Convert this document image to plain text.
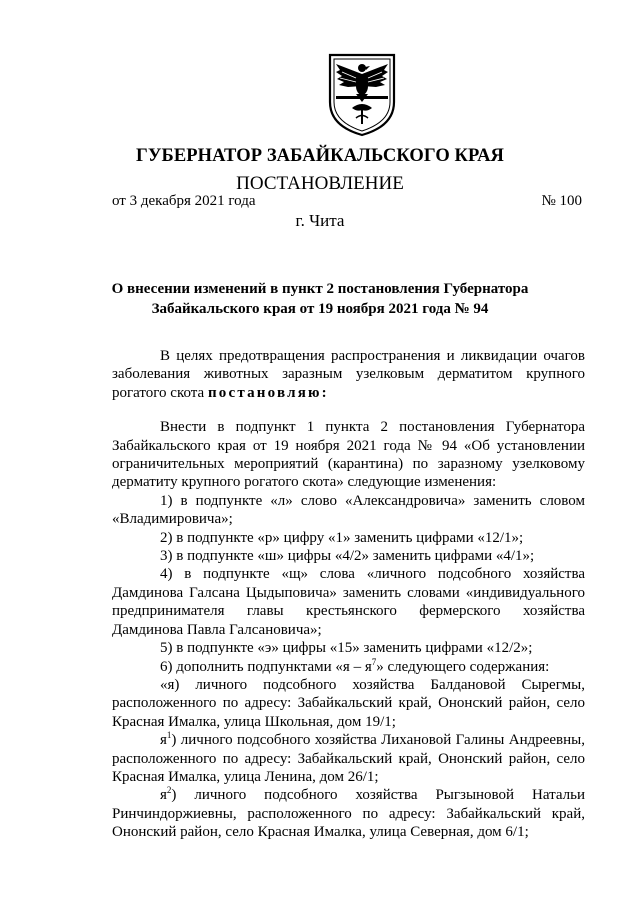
ГУБЕРНАТОР ЗАБАЙКАЛЬСКОГО КРАЯ
ПОСТАНОВЛЕНИЕ
от 3 декабря 2021 года	№ 100
г. Чита
О внесении изменений в пункт 2 постановления Губернатора
Забайкальского края от 19 ноября 2021 года № 94

В целях предотвращения распространения и ликвидации очагов заболевания животных заразным узелковым дерматитом крупного рогатого скота постановляю:

Внести в подпункт 1 пункта 2 постановления Губернатора Забайкальского края от 19 ноября 2021 года № 94 «Об установлении ограничительных мероприятий (карантина) по заразному узелковому дерматиту крупного рогатого скота» следующие изменения:

1) в подпункте «л» слово «Александровича» заменить словом «Владимировича»;

2) в подпункте «р» цифру «1» заменить цифрами «12/1»;

3) в подпункте «ш» цифры «4/2» заменить цифрами «4/1»;

4) в подпункте «щ» слова «личного подсобного хозяйства Дамдинова Галсана Цыдыповича» заменить словами «индивидуального предпринимателя главы крестьянского фермерского хозяйства Дамдинова Павла Галсановича»;

5) в подпункте «э» цифры «15» заменить цифрами «12/2»;

6) дополнить подпунктами «я – $я^7$» следующего содержания:

«я) личного подсобного хозяйства Балдановой Сырегмы, расположенного по адресу: Забайкальский край, Ононский район, село Красная Ималка, улица Школьная, дом 19/1;

$я^1$) личного подсобного хозяйства Лихановой Галины Андреевны, расположенного по адресу: Забайкальский край, Ононский район, село Красная Ималка, улица Ленина, дом 26/1;

$я^2$) личного подсобного хозяйства Рыгзыновой Натальи Ринчиндоржиевны, расположенного по адресу: Забайкальский край, Ононский район, село Красная Ималка, улица Северная, дом 6/1;
